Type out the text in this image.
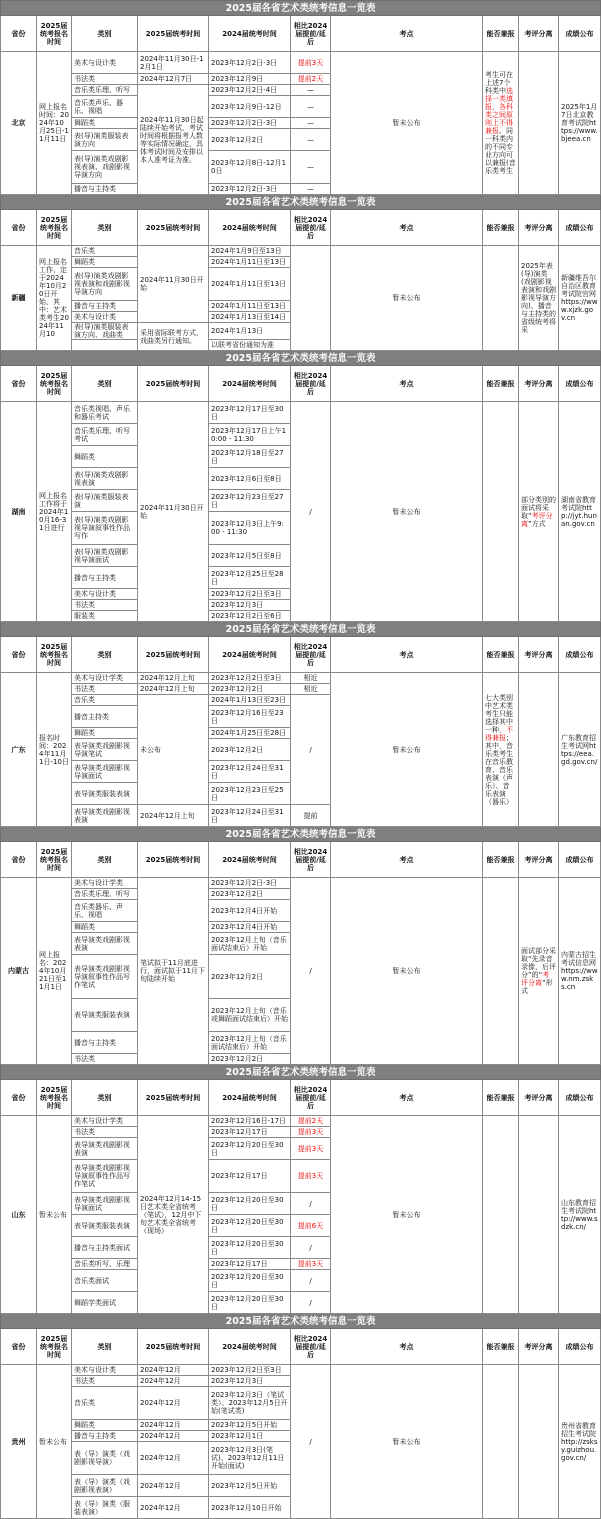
2025届各省艺术类统考信息一览表									
省份	2025届统考报名时间	类别	2025届统考时间	2024届统考时间	相比2024届提前/延后	考点	能否兼报	考评分离	成绩公布
北京	网上报名时间：2024年10月25日-11月11日	美术与设计类	2024年11月30日-12月1日	2023年12月2日-3日	提前3天	暂未公布	考生可在上述7个科类中选择一类填报，各科类之间原则上不得兼报。同一科类内的不同专业方向可以兼报(音乐类考生		2025年1月7日北京教育考试院https://www.bjeea.cn
		书法类	2024年12月7日	2023年12月9日	提前2天				
		音乐类乐理、听写	2024年11月30日起陆续开始考试，考试时间将根据报考人数等实际情况确定，具体考试时间及安排以本人准考证为准。	2023年12月2日-4日	—				
		音乐类声乐、器乐、视唱		2023年12月9日-12日	—				
		舞蹈类		2023年12月2日-3日	—				
		表(导)演类服装表演方向		2023年12月2日	—				
		表(导)演类戏剧影视表演、戏剧影视导演方向		2023年12月8日-12月10日	—				
		播音与主持类		2023年12月2日-3日	—				
2025届各省艺术类统考信息一览表									
省份	2025届统考报名时间	类别	2025届统考时间	2024届统考时间	相比2024届提前/延后	考点	能否兼报	考评分离	成绩公布
新疆	网上报名工作，定于2024年10月20日开始，其中：艺术类考生2024年11月10	音乐类	2024年11月30日开始	2024年1月9日至13日		暂未公布		2025年表(导)演类(戏剧影视表演和戏剧影视导演方向)、播音与主持类的省级统考将采	新疆维吾尔自治区教育考试院官网https://www.xjzk.gov.cn
		舞蹈类		2024年1月11日至13日					
		表(导)演类戏剧影视表演和戏剧影视导演方向		2024年1月11日至13日					
		播音与主持类		2024年1月11日至13日					
		美术与设计类		2024年1月13日至14日					
		表(导)演类服装表演方向、戏曲类	采用省际联考方式，戏曲类另行通知。	2024年1月13日					
				以联考省份通知为准					
2025届各省艺术类统考信息一览表									
省份	2025届统考报名时间	类别	2025届统考时间	2024届统考时间	相比2024届提前/延后	考点	能否兼报	考评分离	成绩公布
湖南	网上报名工作将于2024年10月16-31日进行	音乐类视唱、声乐和器乐考试	2024年11月30日开始	2023年12月17日至30日	/	暂未公布		部分类别的面试将采取“考评分离”方式	湖南省教育考试院http://jyt.hunan.gov.cn
		音乐类乐理、听写考试		2023年12月17日上午10:00 - 11:30					
		舞蹈类		2023年12月18日至27日					
		表(导)演类戏剧影视表演		2023年12月6日至8日					
		表(导)演类服装表演		2023年12月23日至27日					
		表(导)演类戏剧影视导演叙事性作品写作		2023年12月3日上午9:00 - 11:30					
		表(导)演类戏剧影视导演面试		2023年12月5日至8日					
		播音与主持类		2023年12月25日至28日					
		美术与设计类		2023年12月2日至3日					
		书法类		2023年12月3日					
		服装类		2023年12月2日至6日					
2025届各省艺术类统考信息一览表									
省份	2025届统考报名时间	类别	2025届统考时间	2024届统考时间	相比2024届提前/延后	考点	能否兼报	考评分离	成绩公布
广东	报名时间：2024年11月1日-10日	美术与设计学类	2024年12月上旬	2023年12月2日至3日	相近	暂未公布	七大类别中艺术类考生只能选择其中一种，不得兼报；其中，音乐类考生在音乐教育、音乐表演（声乐）、音乐表演（器乐）		广东教育招生考试网https://eea.gd.gov.cn/
		书法类	2024年12月上旬	2023年12月2日	相近				
		音乐类	未公布	2024年1月13日至23日	/				
		播音主持类		2023年12月16日至23日					
		舞蹈类		2024年1月25日至28日					
		表导演类戏剧影视导演笔试		2023年12月2日					
		表导演类戏剧影视导演面试		2023年12月24日至31日					
		表导演类服装表演		2023年12月23日至25日					
		表导演类戏剧影视表演	2024年12月上旬	2023年12月24日至31日	提前				
2025届各省艺术类统考信息一览表									
省份	2025届统考报名时间	类别	2025届统考时间	2024届统考时间	相比2024届提前/延后	考点	能否兼报	考评分离	成绩公布
内蒙古	网上报名：2024年10月21日至11月1日	美术与设计学类	笔试拟于11月底进行，面试拟于11月下旬陆续开始	2023年12月2日-3日	/	暂未公布		面试部分采取“先录音录像，后评分”的“考评分离”形式	内蒙古招生考试信息网https://www.nm.zsks.cn
		音乐类乐理、听写		2023年12月2日					
		音乐类器乐、声乐、视唱		2023年12月4日开始					
		舞蹈类		2023年12月4日开始					
		表导演类戏剧影视表演		2023年12月上旬（音乐面试结束后）开始					
		表导演类戏剧影视导演叙事性作品写作笔试		2023年12月2日					
		表导演类服装表演		2023年12月上旬（音乐或舞蹈面试结束后）开始					
		播音与主持类		2023年12月上旬（音乐面试结束后）开始					
		书法类		2023年12月2日					
2025届各省艺术类统考信息一览表									
省份	2025届统考报名时间	类别	2025届统考时间	2024届统考时间	相比2024届提前/延后	考点	能否兼报	考评分离	成绩公布
山东	暂未公布	美术与设计学类	2024年12月14-15日艺术类全省统考（笔试），12月中下旬艺术类全省统考（现场）	2023年12月16日-17日	提前2天	暂未公布			山东教育招生考试院http://www.sdzk.cn/
		书法类		2023年12月17日	提前3天				
		表导演类戏剧影视表演		2023年12月20日至30日	提前3天				
		表导演类戏剧影视导演叙事性作品写作笔试		2023年12月17日	提前3天				
		表导演类戏剧影视导演面试		2023年12月20日至30日	/				
		表导演类服装表演		2023年12月20日至30日	提前6天				
		播音与主持类面试		2023年12月20日至30日	/				
		音乐类听写、乐理		2023年12月17日	提前3天				
		音乐类面试		2023年12月20日至30日	/				
		舞蹈学类面试		2023年12月20日至30日	/				
2025届各省艺术类统考信息一览表									
省份	2025届统考报名时间	类别	2025届统考时间	2024届统考时间	相比2024届提前/延后	考点	能否兼报	考评分离	成绩公布
贵州	暂未公布	美术与设计类	2024年12月	2023年12月2日至3日	/	暂未公布			贵州省教育招生考试院http://zsksy.guizhou.gov.cn/
		书法类	2024年12月	2023年12月3日					
		音乐类	2024年12月	2023年12月3日（笔试类）、2023年12月5日开始(笔试类)					
		舞蹈类	2024年12月	2023年12月5日开始					
		播音与主持类	2024年12月	2023年12月1日					
		表（导）演类（戏剧影视导演）	2024年12月	2023年12月3日(笔试)、2023年12月11日开始(面试)					
		表（导）演类（戏剧影视表演）	2024年12月	2023年12月5日开始					
		表（导）演类（服装表演）	2024年12月	2023年12月10日开始					
